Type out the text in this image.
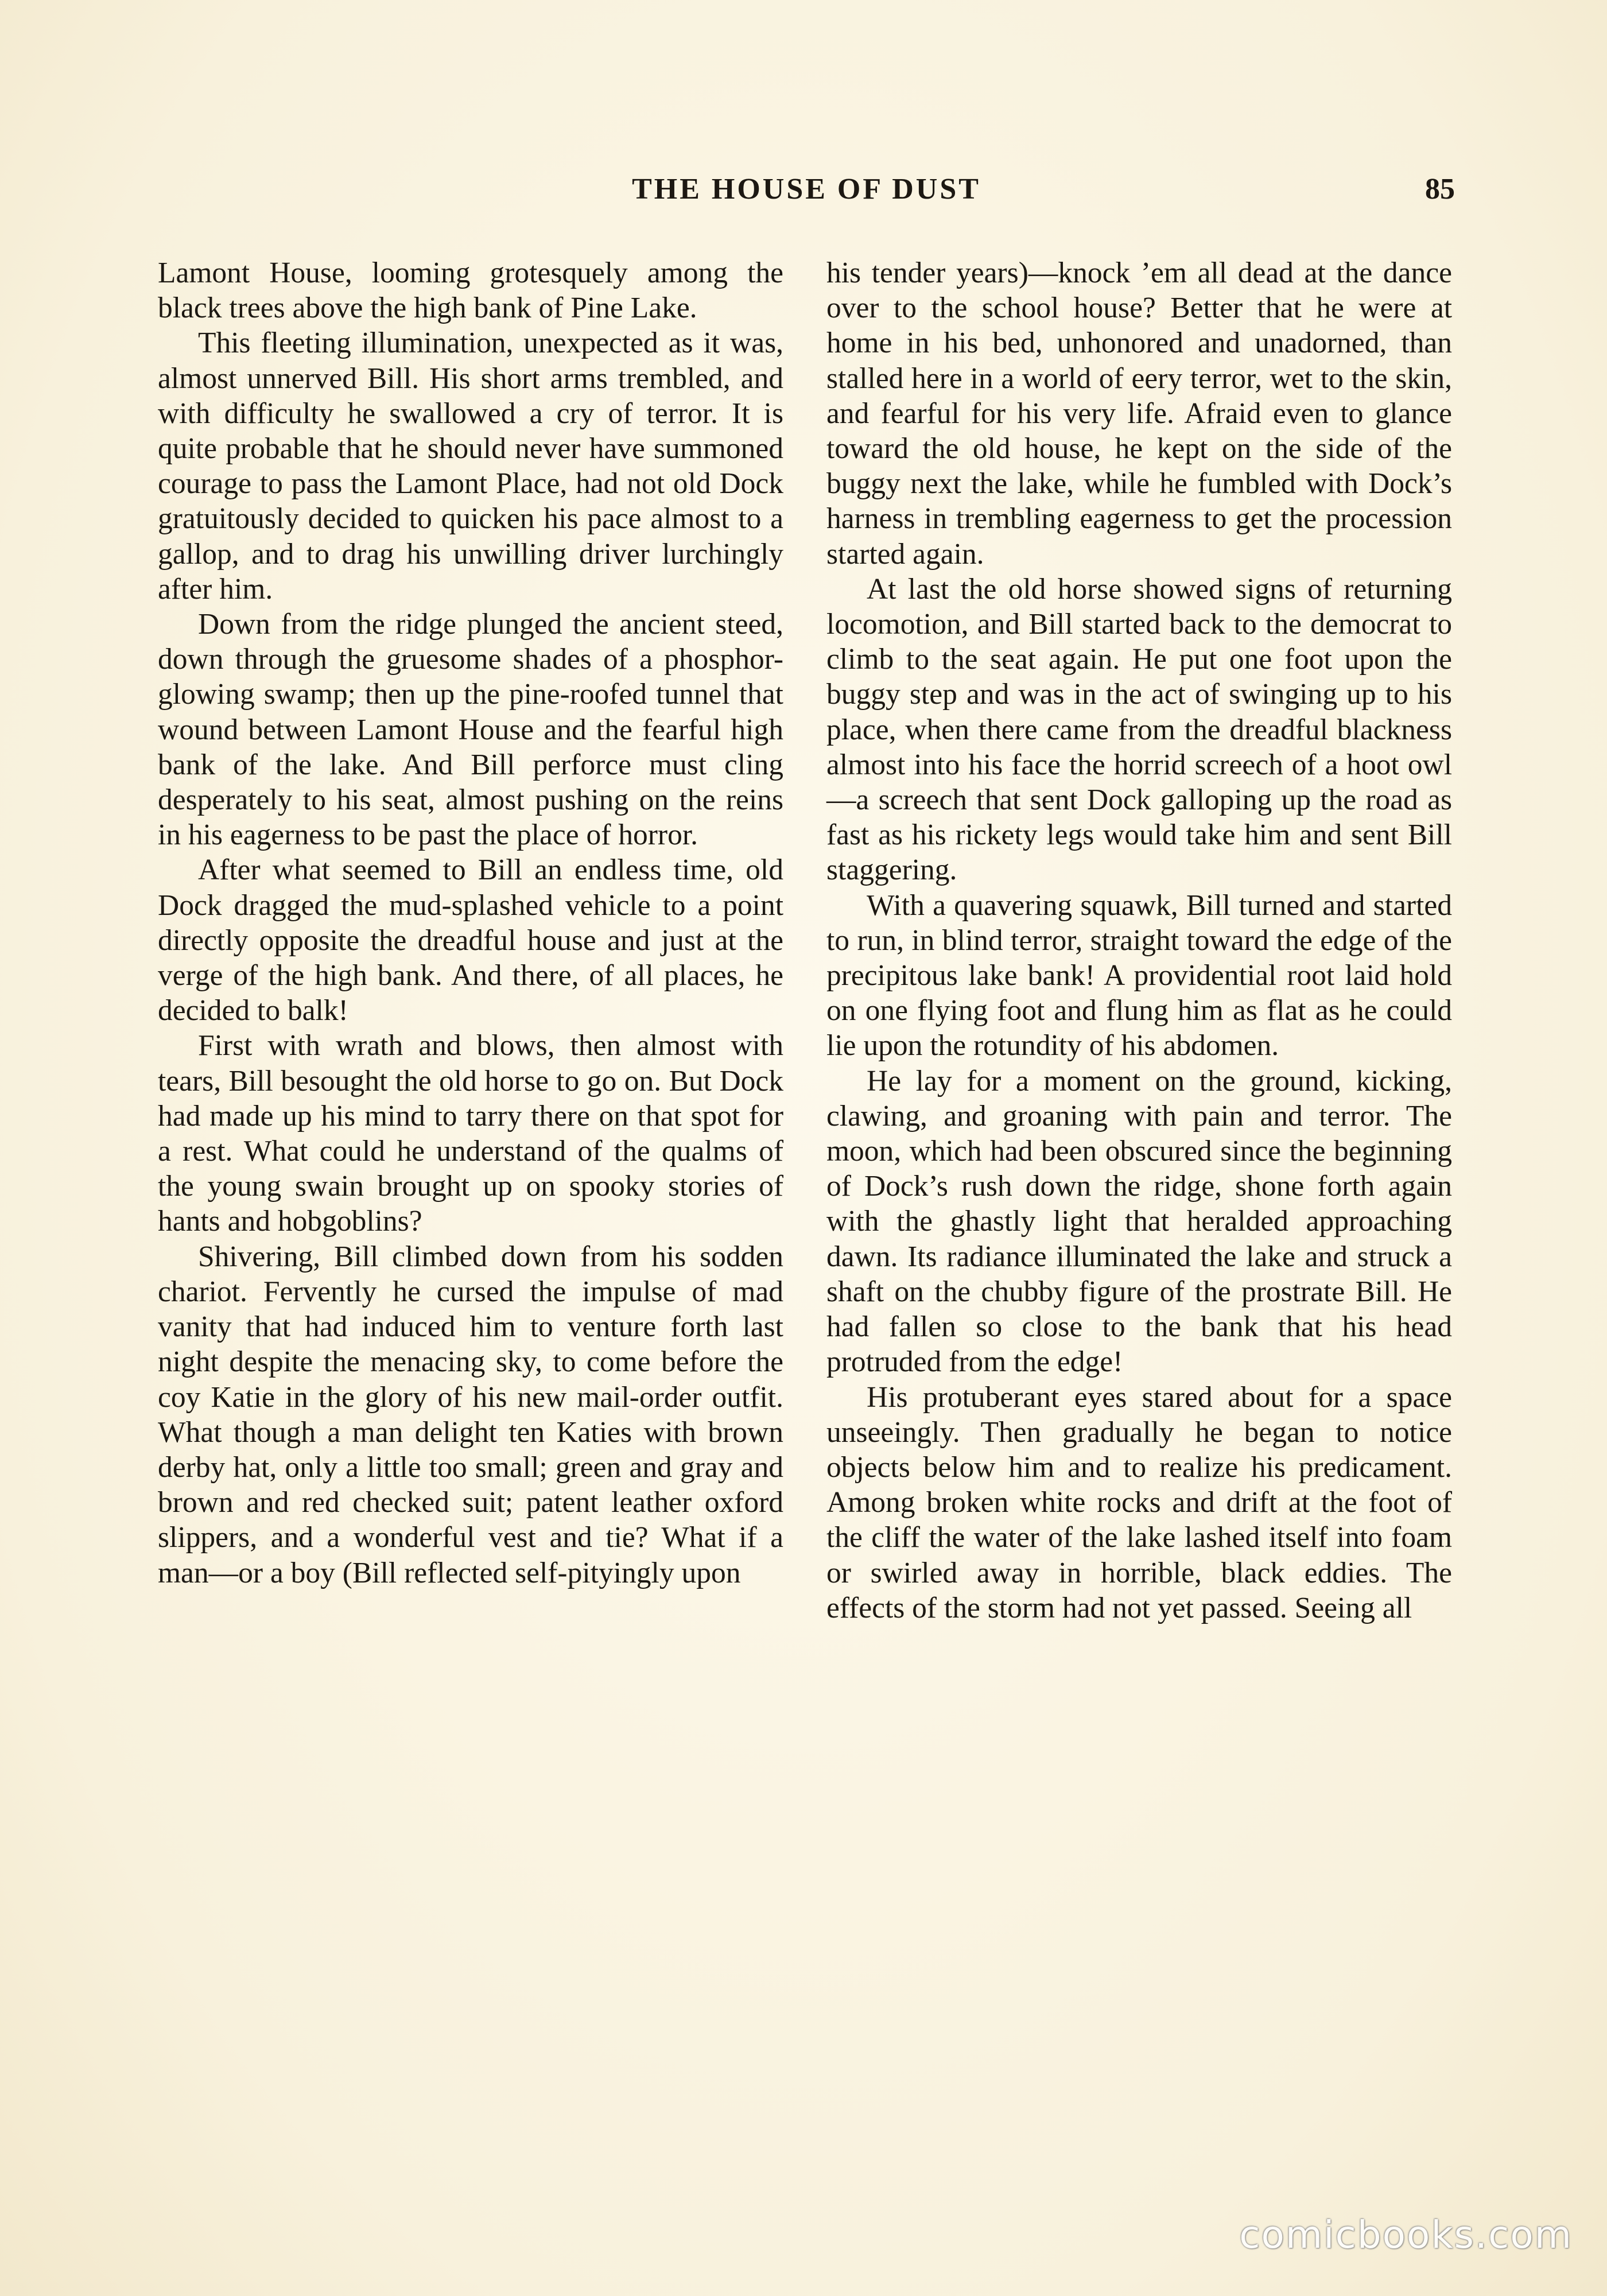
THE HOUSE OF DUST	85

Lamont House, looming grotesquely among the black trees above the high bank of Pine Lake.

This fleeting illumination, unexpected as it was, almost unnerved Bill. His short arms trembled, and with difficulty he swallowed a cry of terror. It is quite probable that he should never have summoned courage to pass the Lamont Place, had not old Dock gratuitously decided to quicken his pace almost to a gallop, and to drag his unwilling driver lurchingly after him.

Down from the ridge plunged the ancient steed, down through the gruesome shades of a phosphor-glowing swamp; then up the pine-roofed tunnel that wound between Lamont House and the fearful high bank of the lake. And Bill perforce must cling desperately to his seat, almost pushing on the reins in his eagerness to be past the place of horror.

After what seemed to Bill an endless time, old Dock dragged the mud-splashed vehicle to a point directly opposite the dreadful house and just at the verge of the high bank. And there, of all places, he decided to balk!

First with wrath and blows, then almost with tears, Bill besought the old horse to go on. But Dock had made up his mind to tarry there on that spot for a rest. What could he understand of the qualms of the young swain brought up on spooky stories of hants and hobgoblins?

Shivering, Bill climbed down from his sodden chariot. Fervently he cursed the impulse of mad vanity that had induced him to venture forth last night despite the menacing sky, to come before the coy Katie in the glory of his new mail-order outfit. What though a man delight ten Katies with brown derby hat, only a little too small; green and gray and brown and red checked suit; patent leather oxford slippers, and a wonderful vest and tie? What if a man—or a boy (Bill reflected self-pityingly upon

his tender years)—knock ’em all dead at the dance over to the school house? Better that he were at home in his bed, unhonored and unadorned, than stalled here in a world of eery terror, wet to the skin, and fearful for his very life. Afraid even to glance toward the old house, he kept on the side of the buggy next the lake, while he fumbled with Dock’s harness in trembling eagerness to get the procession started again.

At last the old horse showed signs of returning locomotion, and Bill started back to the democrat to climb to the seat again. He put one foot upon the buggy step and was in the act of swinging up to his place, when there came from the dreadful blackness almost into his face the horrid screech of a hoot owl—a screech that sent Dock galloping up the road as fast as his rickety legs would take him and sent Bill staggering.

With a quavering squawk, Bill turned and started to run, in blind terror, straight toward the edge of the precipitous lake bank! A providential root laid hold on one flying foot and flung him as flat as he could lie upon the rotundity of his abdomen.

He lay for a moment on the ground, kicking, clawing, and groaning with pain and terror. The moon, which had been obscured since the beginning of Dock’s rush down the ridge, shone forth again with the ghastly light that heralded approaching dawn. Its radiance illuminated the lake and struck a shaft on the chubby figure of the prostrate Bill. He had fallen so close to the bank that his head protruded from the edge!

His protuberant eyes stared about for a space unseeingly. Then gradually he began to notice objects below him and to realize his predicament. Among broken white rocks and drift at the foot of the cliff the water of the lake lashed itself into foam or swirled away in horrible, black eddies. The effects of the storm had not yet passed. Seeing all

comicbooks.com
